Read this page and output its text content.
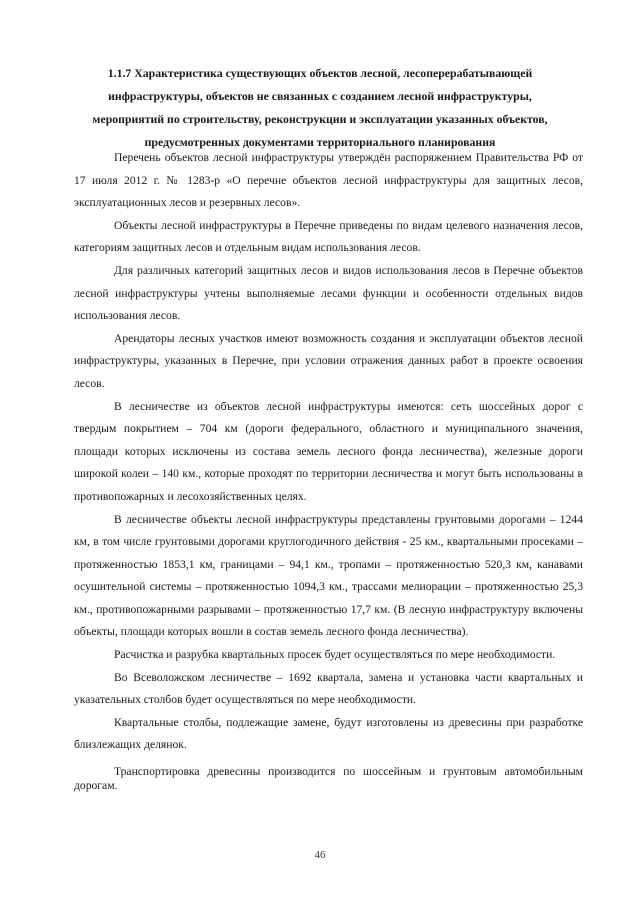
1.1.7 Характеристика существующих объектов лесной, лесоперерабатывающей инфраструктуры, объектов не связанных с созданием лесной инфраструктуры, мероприятий по строительству, реконструкции и эксплуатации указанных объектов, предусмотренных документами территориального планирования

Перечень объектов лесной инфраструктуры утверждён распоряжением Правительства РФ от 17 июля 2012 г. № 1283-р «О перечне объектов лесной инфраструктуры для защитных лесов, эксплуатационных лесов и резервных лесов».

Объекты лесной инфраструктуры в Перечне приведены по видам целевого назначения лесов, категориям защитных лесов и отдельным видам использования лесов.

Для различных категорий защитных лесов и видов использования лесов в Перечне объектов лесной инфраструктуры учтены выполняемые лесами функции и особенности отдельных видов использования лесов.

Арендаторы лесных участков имеют возможность создания и эксплуатации объектов лесной инфраструктуры, указанных в Перечне, при условии отражения данных работ в проекте освоения лесов.

В лесничестве из объектов лесной инфраструктуры имеются: сеть шоссейных дорог с твердым покрытием – 704 км (дороги федерального, областного и муниципального значения, площади которых исключены из состава земель лесного фонда лесничества), железные дороги широкой колеи – 140 км., которые проходят по территории лесничества и могут быть использованы в противопожарных и лесохозяйственных целях.

В лесничестве объекты лесной инфраструктуры представлены грунтовыми дорогами – 1244 км, в том числе грунтовыми дорогами круглогодичного действия - 25 км., квартальными просеками – протяженностью 1853,1 км, границами – 94,1 км., тропами – протяженностью 520,3 км, канавами осушительной системы – протяженностью 1094,3 км., трассами мелиорации – протяженностью 25,3 км., противопожарными разрывами – протяженностью 17,7 км. (В лесную инфраструктуру включены объекты, площади которых вошли в состав земель лесного фонда лесничества).

Расчистка и разрубка квартальных просек будет осуществляться по мере необходимости.

Во Всеволожском лесничестве – 1692 квартала, замена и установка части квартальных и указательных столбов будет осуществляться по мере необходимости.

Квартальные столбы, подлежащие замене, будут изготовлены из древесины при разработке близлежащих делянок.

Транспортировка древесины производится по шоссейным и грунтовым автомобильным дорогам.

46
